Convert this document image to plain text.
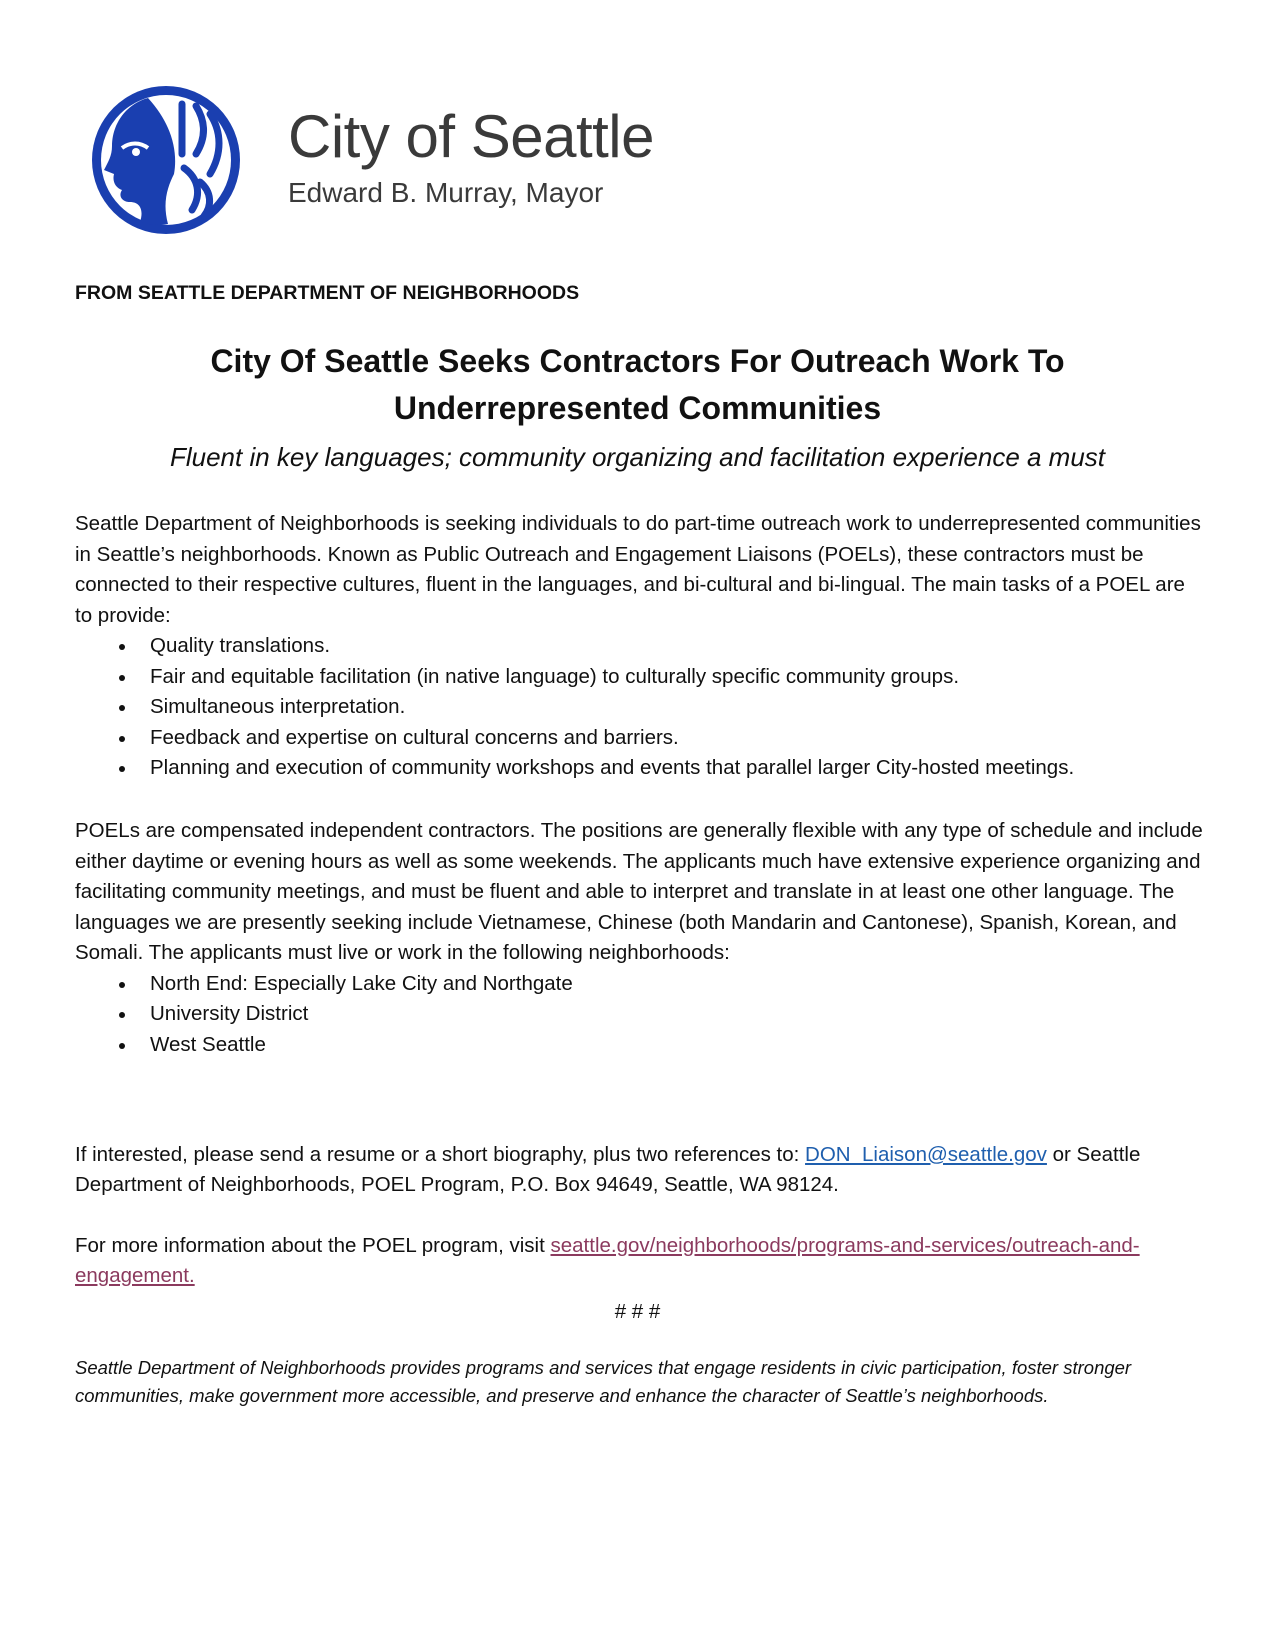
City of Seattle
Edward B. Murray, Mayor
FROM SEATTLE DEPARTMENT OF NEIGHBORHOODS
City Of Seattle Seeks Contractors For Outreach Work To Underrepresented Communities
Fluent in key languages; community organizing and facilitation experience a must

Seattle Department of Neighborhoods is seeking individuals to do part-time outreach work to underrepresented communities in Seattle’s neighborhoods. Known as Public Outreach and Engagement Liaisons (POELs), these contractors must be connected to their respective cultures, fluent in the languages, and bi-cultural and bi-lingual. The main tasks of a POEL are to provide:

Quality translations.
Fair and equitable facilitation (in native language) to culturally specific community groups.
Simultaneous interpretation.
Feedback and expertise on cultural concerns and barriers.
Planning and execution of community workshops and events that parallel larger City-hosted meetings.

POELs are compensated independent contractors. The positions are generally flexible with any type of schedule and include either daytime or evening hours as well as some weekends. The applicants much have extensive experience organizing and facilitating community meetings, and must be fluent and able to interpret and translate in at least one other language. The languages we are presently seeking include Vietnamese, Chinese (both Mandarin and Cantonese), Spanish, Korean, and Somali. The applicants must live or work in the following neighborhoods:

North End: Especially Lake City and Northgate
University District
West Seattle

If interested, please send a resume or a short biography, plus two references to: DON_Liaison@seattle.gov or Seattle Department of Neighborhoods, POEL Program, P.O. Box 94649, Seattle, WA 98124.

For more information about the POEL program, visit seattle.gov/neighborhoods/programs-and-services/outreach-and-engagement.

# # #
Seattle Department of Neighborhoods provides programs and services that engage residents in civic participation, foster stronger communities, make government more accessible, and preserve and enhance the character of Seattle’s neighborhoods.
